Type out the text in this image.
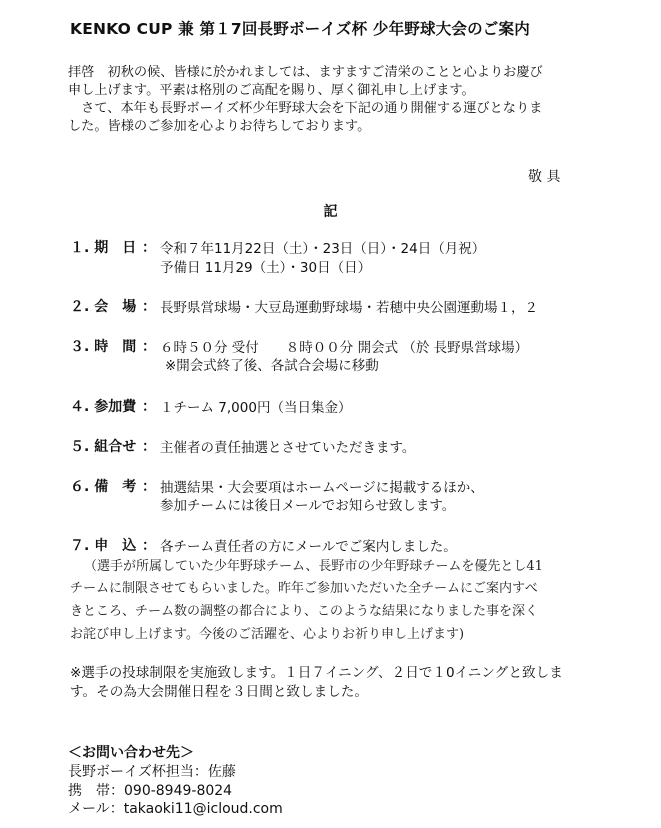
KENKO CUP 兼 第１7回長野ボーイズ杯 少年野球大会のご案内
拝啓　初秋の候、皆様に於かれましては、ますますご清栄のことと心よりお慶び
申し上げます。平素は格別のご高配を賜り、厚く御礼申し上げます。
　さて、本年も長野ボーイズ杯少年野球大会を下記の通り開催する運びとなりま
した。皆様のご参加を心よりお待ちしております。
敬 具
記
１. 期　日 ： 令和７年11月22日（土）・23日（日）・24日（月祝）
予備日 11月29（土）・30日（日）
２. 会　場 ： 長野県営球場・大豆島運動野球場・若穂中央公園運動場１，２
３. 時　間 ： ６時５０分 受付　　８時００分 開会式 （於 長野県営球場）
※開会式終了後、各試合会場に移動
４. 参加費 ： １チーム 7,000円（当日集金）
５. 組合せ ： 主催者の責任抽選とさせていただきます。
６. 備　考 ： 抽選結果・大会要項はホームページに掲載するほか、
参加チームには後日メールでお知らせ致します。
７. 申　込 ： 各チーム責任者の方にメールでご案内しました。
（選手が所属していた少年野球チーム、長野市の少年野球チームを優先とし41
チームに制限させてもらいました。昨年ご参加いただいた全チームにご案内すべ
きところ、チーム数の調整の都合により、このような結果になりました事を深く
お詫び申し上げます。今後のご活躍を、心よりお祈り申し上げます)
※選手の投球制限を実施致します。１日７イニング、２日で１0イニングと致しま
す。その為大会開催日程を３日間と致しました。
＜お問い合わせ先＞
長野ボーイズ杯担当：佐藤
携　帯：090-8949-8024
メール：takaoki11@icloud.com
